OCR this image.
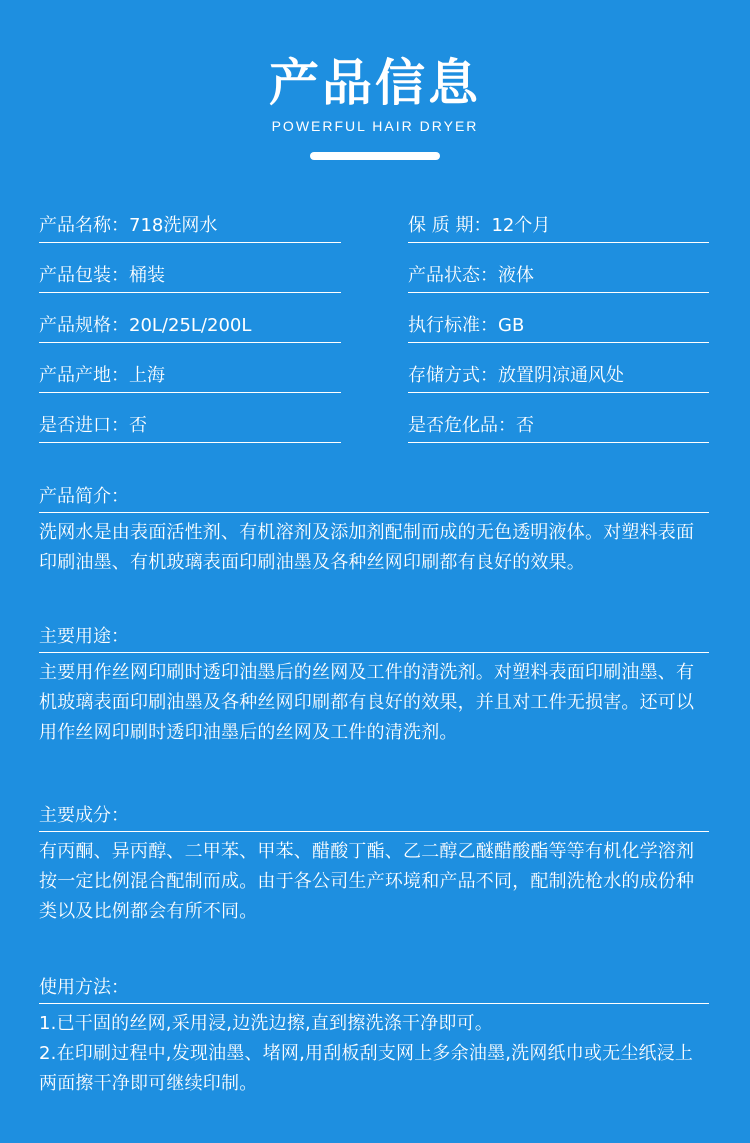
产品信息
POWERFUL HAIR DRYER
产品名称：718洗网水	保 质 期：12个月
产品包装：桶装	产品状态：液体
产品规格：20L/25L/200L	执行标准：GB
产品产地：上海	存储方式：放置阴凉通风处
是否进口：否	是否危化品：否
产品简介：
洗网水是由表面活性剂、有机溶剂及添加剂配制而成的无色透明液体。对塑料表面印刷油墨、有机玻璃表面印刷油墨及各种丝网印刷都有良好的效果。
主要用途：
主要用作丝网印刷时透印油墨后的丝网及工件的清洗剂。对塑料表面印刷油墨、有机玻璃表面印刷油墨及各种丝网印刷都有良好的效果，并且对工件无损害。还可以用作丝网印刷时透印油墨后的丝网及工件的清洗剂。
主要成分：
有丙酮、异丙醇、二甲苯、甲苯、醋酸丁酯、乙二醇乙醚醋酸酯等等有机化学溶剂按一定比例混合配制而成。由于各公司生产环境和产品不同，配制洗枪水的成份种类以及比例都会有所不同。
使用方法：

1.已干固的丝网,采用浸,边洗边擦,直到擦洗涤干净即可。

2.在印刷过程中,发现油墨、堵网,用刮板刮支网上多余油墨,洗网纸巾或无尘纸浸上两面擦干净即可继续印制。
